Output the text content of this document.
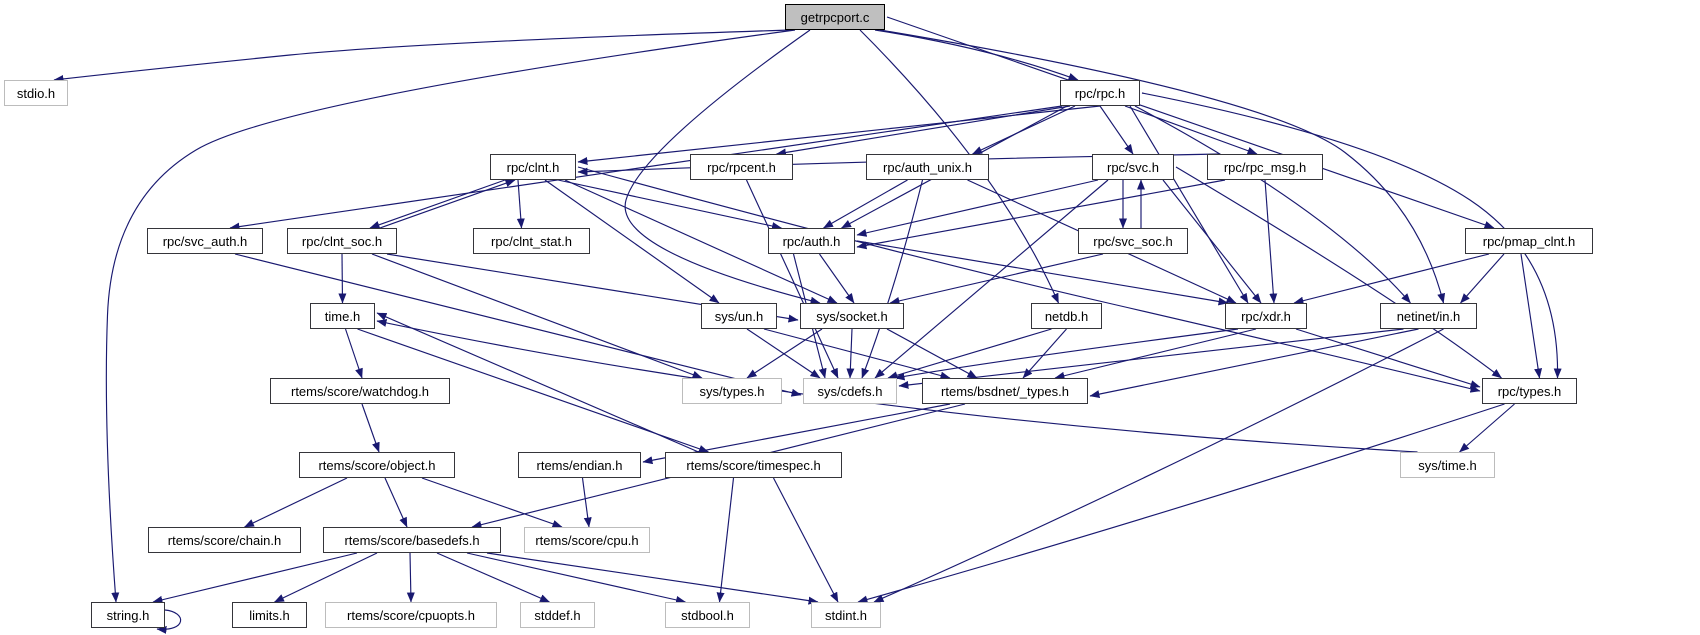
getrpcport.c
stdio.h	rpc/rpc.h
rpc/clnt.h	rpc/rpcent.h	rpc/auth_unix.h	rpc/svc.h	rpc/rpc_msg.h
rpc/svc_auth.h	rpc/clnt_soc.h	rpc/clnt_stat.h	rpc/auth.h	rpc/svc_soc.h	rpc/pmap_clnt.h
time.h	sys/un.h	sys/socket.h	netdb.h	rpc/xdr.h	netinet/in.h
rtems/score/watchdog.h	sys/types.h	sys/cdefs.h	rtems/bsdnet/_types.h	rpc/types.h
rtems/score/object.h	rtems/endian.h	rtems/score/timespec.h	sys/time.h
rtems/score/chain.h	rtems/score/basedefs.h	rtems/score/cpu.h
string.h	limits.h	rtems/score/cpuopts.h	stddef.h	stdbool.h	stdint.h
